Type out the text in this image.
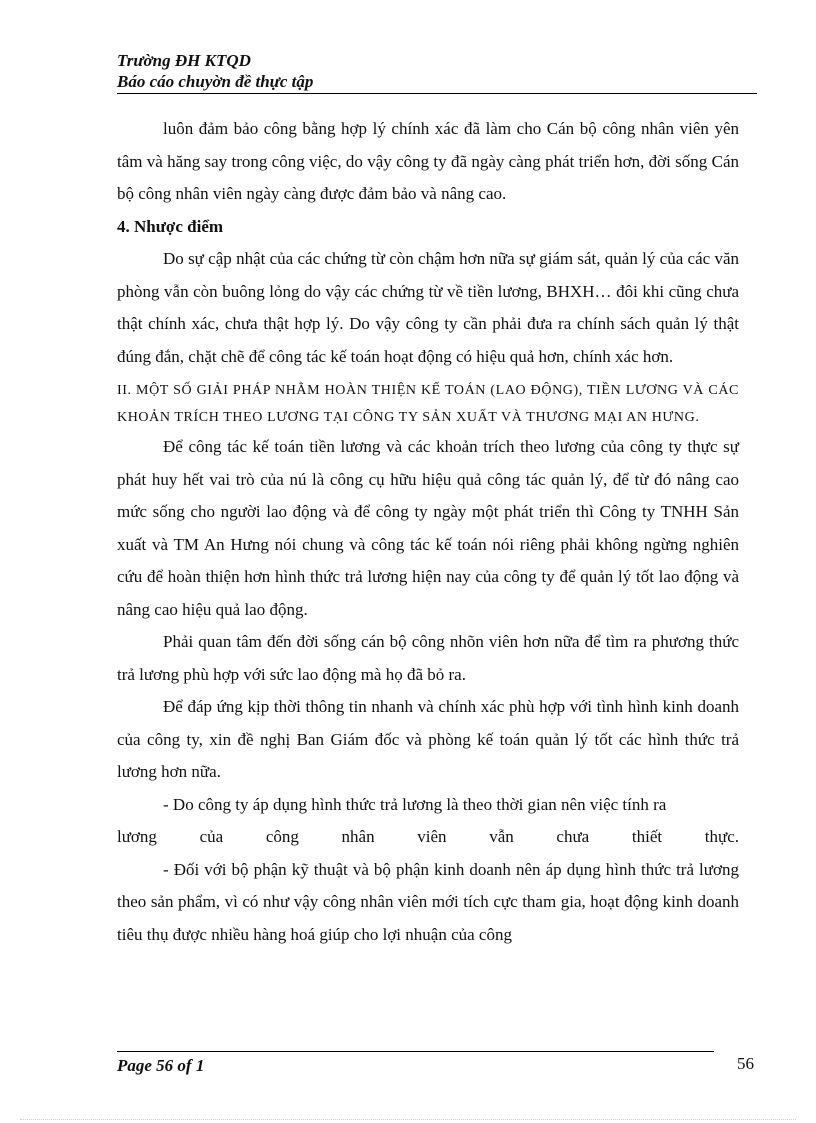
Trường ĐH KTQD
Báo cáo chuyờn đề thực tập

luôn đảm bảo công bằng hợp lý chính xác đã làm cho Cán bộ công nhân viên yên tâm và hăng say trong công việc, do vậy công ty đã ngày càng phát triển hơn, đời sống Cán bộ công nhân viên ngày càng được đảm bảo và nâng cao.

4. Nhược điểm

Do sự cập nhật của các chứng từ còn chậm hơn nữa sự giám sát, quản lý của các văn phòng vẫn còn buông lỏng do vậy các chứng từ về tiền lương, BHXH… đôi khi cũng chưa thật chính xác, chưa thật hợp lý. Do vậy công ty cần phải đưa ra chính sách quản lý thật đúng đắn, chặt chẽ để công tác kế toán hoạt động có hiệu quả hơn, chính xác hơn.

II. MỘT SỐ GIẢI PHÁP NHẰM HOÀN THIỆN KẾ TOÁN (LAO ĐỘNG), TIỀN LƯƠNG VÀ CÁC KHOẢN TRÍCH THEO LƯƠNG TẠI CÔNG TY SẢN XUẤT VÀ THƯƠNG MẠI AN HƯNG.

Để công tác kế toán tiền lương và các khoản trích theo lương của công ty thực sự phát huy hết vai trò của nú là công cụ hữu hiệu quả công tác quản lý, để từ đó nâng cao mức sống cho người lao động và để công ty ngày một phát triển thì Công ty TNHH Sản xuất và TM An Hưng nói chung và công tác kế toán nói riêng phải không ngừng nghiên cứu để hoàn thiện hơn hình thức trả lương hiện nay của công ty để quản lý tốt lao động và nâng cao hiệu quả lao động.

Phải quan tâm đến đời sống cán bộ công nhõn viên hơn nữa để tìm ra phương thức trả lương phù hợp với sức lao động mà họ đã bỏ ra.

Để đáp ứng kịp thời thông tin nhanh và chính xác phù hợp với tình hình kinh doanh của công ty, xin đề nghị Ban Giám đốc và phòng kế toán quản lý tốt các hình thức trả lương hơn nữa.

- Do công ty áp dụng hình thức trả lương là theo thời gian nên việc tính ra

lương của công nhân viên vẫn chưa thiết thực.

- Đối với bộ phận kỹ thuật và bộ phận kinh doanh nên áp dụng hình thức trả lương theo sản phẩm, vì có như vậy công nhân viên mới tích cực tham gia, hoạt động kinh doanh tiêu thụ được nhiều hàng hoá giúp cho lợi nhuận của công

Page 56 of 1	56
